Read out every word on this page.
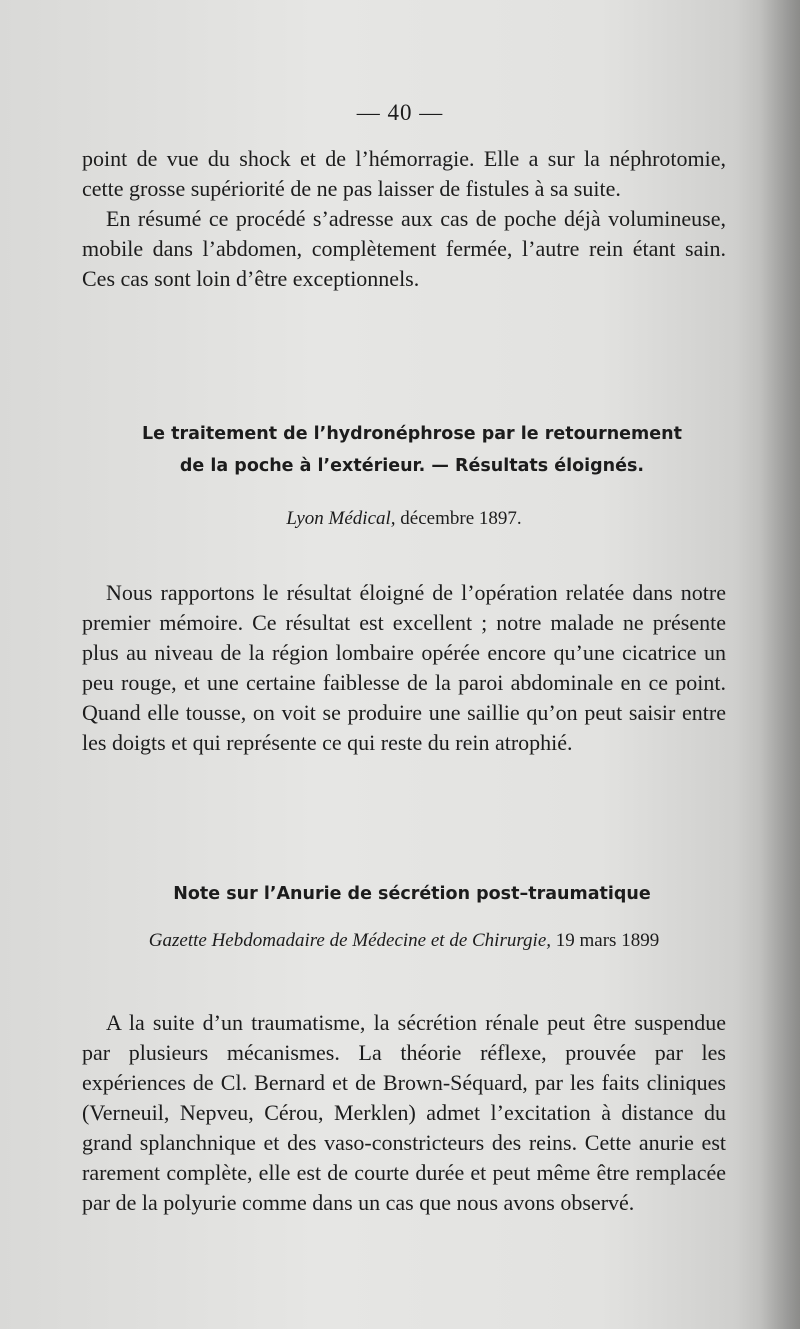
— 40 —

point de vue du shock et de l’hémorragie. Elle a sur la néphrotomie, cette grosse supériorité de ne pas laisser de fistules à sa suite.

En résumé ce procédé s’adresse aux cas de poche déjà volumineuse, mobile dans l’abdomen, complètement fermée, l’autre rein étant sain. Ces cas sont loin d’être exceptionnels.

Le traitement de l’hydronéphrose par le retournement
de la poche à l’extérieur. — Résultats éloignés.
Lyon Médical, décembre 1897.

Nous rapportons le résultat éloigné de l’opération relatée dans notre premier mémoire. Ce résultat est excellent ; notre malade ne présente plus au niveau de la région lombaire opérée encore qu’une cicatrice un peu rouge, et une certaine faiblesse de la paroi abdominale en ce point. Quand elle tousse, on voit se produire une saillie qu’on peut saisir entre les doigts et qui représente ce qui reste du rein atrophié.

Note sur l’Anurie de sécrétion post–traumatique
Gazette Hebdomadaire de Médecine et de Chirurgie, 19 mars 1899

A la suite d’un traumatisme, la sécrétion rénale peut être suspendue par plusieurs mécanismes. La théorie réflexe, prouvée par les expériences de Cl. Bernard et de Brown-Séquard, par les faits cliniques (Verneuil, Nepveu, Cérou, Merklen) admet l’excitation à distance du grand splanchnique et des vaso-constricteurs des reins. Cette anurie est rarement complète, elle est de courte durée et peut même être remplacée par de la polyurie comme dans un cas que nous avons observé.
